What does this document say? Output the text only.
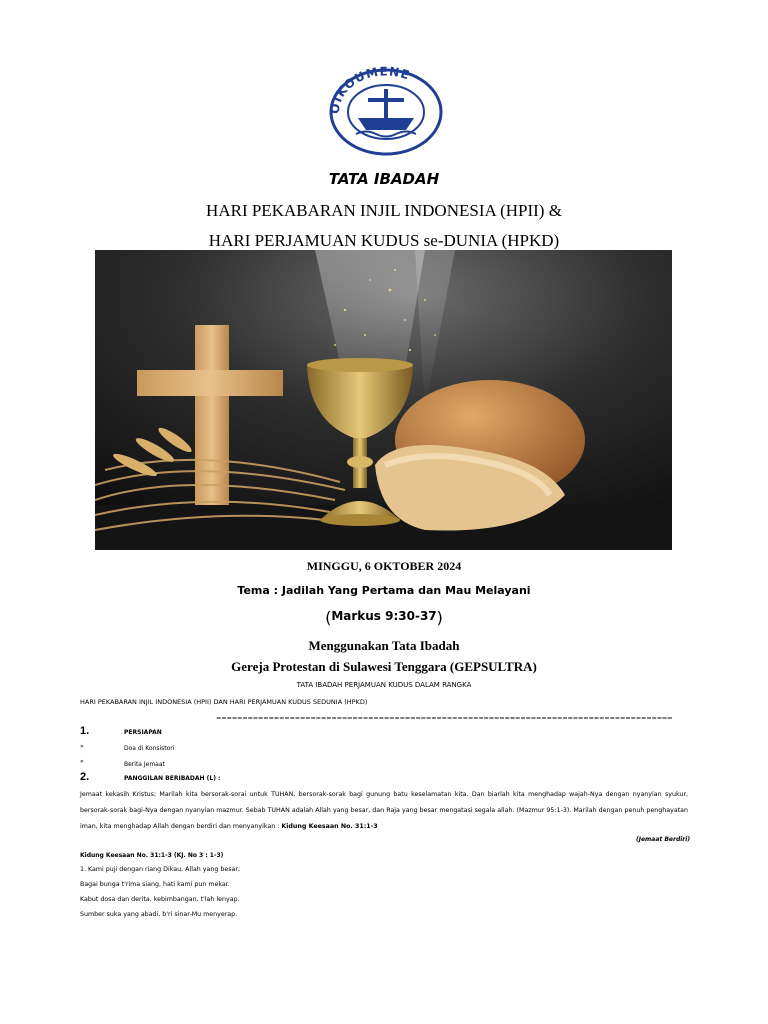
OIKOUMENE
TATA IBADAH
HARI PEKABARAN INJIL INDONESIA (HPII) &
HARI PERJAMUAN KUDUS se-DUNIA (HPKD)
MINGGU, 6 OKTOBER 2024
Tema : Jadilah Yang Pertama dan Mau Melayani
(Markus 9:30-37)
Menggunakan Tata Ibadah
Gereja Protestan di Sulawesi Tenggara (GEPSULTRA)
TATA IBADAH PERJAMUAN KUDUS DALAM RANGKA
HARI PEKABARAN INJIL INDONESIA (HPII) DAN HARI PERJAMUAN KUDUS SEDUNIA (HPKD)
=======================================================================================
1.	PERSIAPAN
»	Doa di Konsistori
»	Berita Jemaat
2.	PANGGILAN BERIBADAH (L) :
Jemaat kekasih Kristus; Marilah kita bersorak-sorai untuk TUHAN, bersorak-sorak bagi gunung batu keselamatan kita. Dan biarlah kita menghadap wajah-Nya dengan nyanyian syukur, bersorak-sorak bagi-Nya dengan nyanyian mazmur. Sebab TUHAN adalah Allah yang besar, dan Raja yang besar mengatasi segala allah. (Mazmur 95:1-3). Marilah dengan penuh penghayatan iman, kita menghadap Allah dengan berdiri dan menyanyikan : Kidung Keesaan No. 31:1-3
(Jemaat Berdiri)
Kidung Keesaan No. 31:1-3 (KJ. No 3 : 1-3)
1. Kami puji dengan riang Dikau, Allah yang besar;
Bagai bunga t'rima siang, hati kami pun mekar.
Kabut dosa dan derita, kebimbangan, t'lah lenyap.
Sumber suka yang abadi, b'ri sinar-Mu menyerap.
